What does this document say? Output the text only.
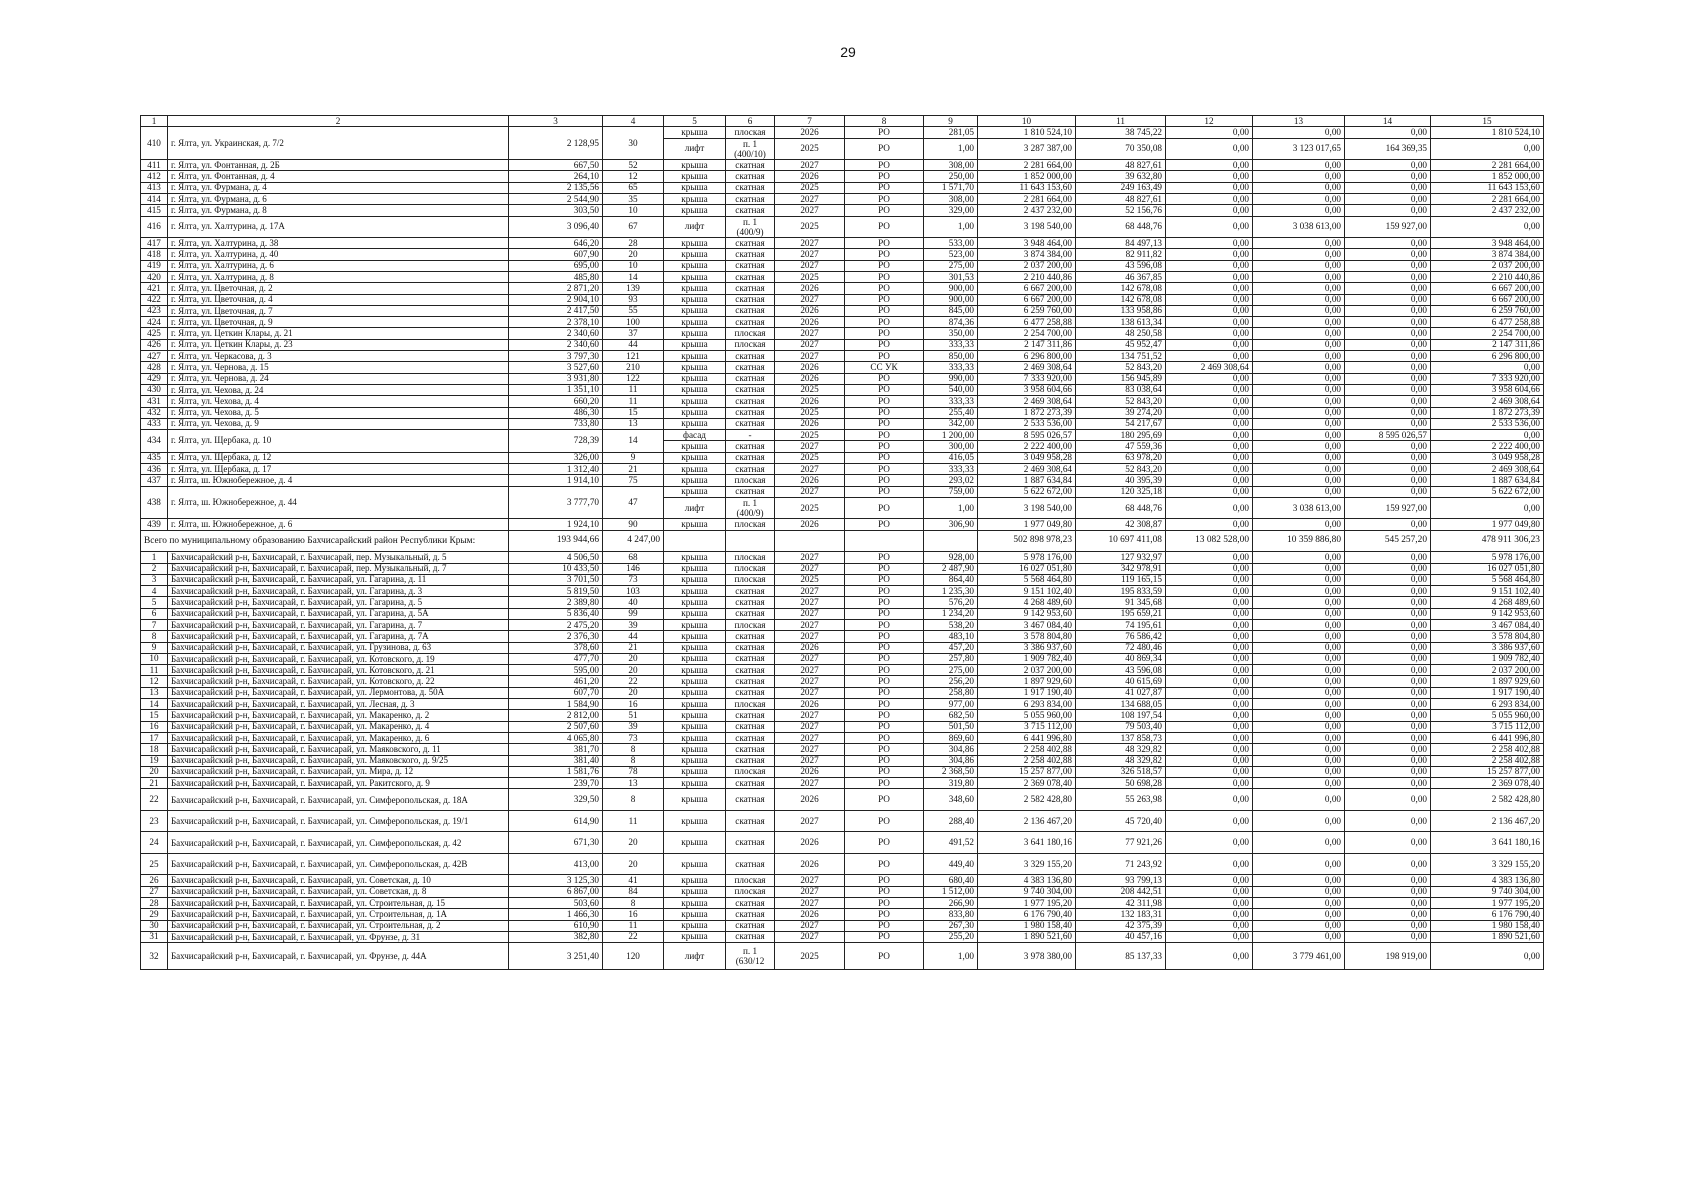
29
1	2	3	4	5	6	7	8	9	10	11	12	13	14	15
410	г. Ялта, ул. Украинская, д. 7/2	2 128,95	30	крыша	плоская	2026	РО	281,05	1 810 524,10	38 745,22	0,00	0,00	0,00	1 810 524,10
				лифт	п. 1 (400/10)	2025	РО	1,00	3 287 387,00	70 350,08	0,00	3 123 017,65	164 369,35	0,00
411	г. Ялта, ул. Фонтанная, д. 2Б	667,50	52	крыша	скатная	2027	РО	308,00	2 281 664,00	48 827,61	0,00	0,00	0,00	2 281 664,00
412	г. Ялта, ул. Фонтанная, д. 4	264,10	12	крыша	скатная	2026	РО	250,00	1 852 000,00	39 632,80	0,00	0,00	0,00	1 852 000,00
413	г. Ялта, ул. Фурмана, д. 4	2 135,56	65	крыша	скатная	2025	РО	1 571,70	11 643 153,60	249 163,49	0,00	0,00	0,00	11 643 153,60
414	г. Ялта, ул. Фурмана, д. 6	2 544,90	35	крыша	скатная	2027	РО	308,00	2 281 664,00	48 827,61	0,00	0,00	0,00	2 281 664,00
415	г. Ялта, ул. Фурмана, д. 8	303,50	10	крыша	скатная	2027	РО	329,00	2 437 232,00	52 156,76	0,00	0,00	0,00	2 437 232,00
416	г. Ялта, ул. Халтурина, д. 17А	3 096,40	67	лифт	п. 1 (400/9)	2025	РО	1,00	3 198 540,00	68 448,76	0,00	3 038 613,00	159 927,00	0,00
417	г. Ялта, ул. Халтурина, д. 38	646,20	28	крыша	скатная	2027	РО	533,00	3 948 464,00	84 497,13	0,00	0,00	0,00	3 948 464,00
418	г. Ялта, ул. Халтурина, д. 40	607,90	20	крыша	скатная	2027	РО	523,00	3 874 384,00	82 911,82	0,00	0,00	0,00	3 874 384,00
419	г. Ялта, ул. Халтурина, д. 6	695,00	10	крыша	скатная	2027	РО	275,00	2 037 200,00	43 596,08	0,00	0,00	0,00	2 037 200,00
420	г. Ялта, ул. Халтурина, д. 8	485,80	14	крыша	скатная	2025	РО	301,53	2 210 440,86	46 367,85	0,00	0,00	0,00	2 210 440,86
421	г. Ялта, ул. Цветочная, д. 2	2 871,20	139	крыша	скатная	2026	РО	900,00	6 667 200,00	142 678,08	0,00	0,00	0,00	6 667 200,00
422	г. Ялта, ул. Цветочная, д. 4	2 904,10	93	крыша	скатная	2027	РО	900,00	6 667 200,00	142 678,08	0,00	0,00	0,00	6 667 200,00
423	г. Ялта, ул. Цветочная, д. 7	2 417,50	55	крыша	скатная	2026	РО	845,00	6 259 760,00	133 958,86	0,00	0,00	0,00	6 259 760,00
424	г. Ялта, ул. Цветочная, д. 9	2 378,10	100	крыша	скатная	2026	РО	874,36	6 477 258,88	138 613,34	0,00	0,00	0,00	6 477 258,88
425	г. Ялта, ул. Цеткин Клары, д. 21	2 340,60	37	крыша	плоская	2027	РО	350,00	2 254 700,00	48 250,58	0,00	0,00	0,00	2 254 700,00
426	г. Ялта, ул. Цеткин Клары, д. 23	2 340,60	44	крыша	плоская	2027	РО	333,33	2 147 311,86	45 952,47	0,00	0,00	0,00	2 147 311,86
427	г. Ялта, ул. Черкасова, д. 3	3 797,30	121	крыша	скатная	2027	РО	850,00	6 296 800,00	134 751,52	0,00	0,00	0,00	6 296 800,00
428	г. Ялта, ул. Чернова, д. 15	3 527,60	210	крыша	скатная	2026	СС УК	333,33	2 469 308,64	52 843,20	2 469 308,64	0,00	0,00	0,00
429	г. Ялта, ул. Чернова, д. 24	3 931,80	122	крыша	скатная	2026	РО	990,00	7 333 920,00	156 945,89	0,00	0,00	0,00	7 333 920,00
430	г. Ялта, ул. Чехова, д. 24	1 351,10	11	крыша	скатная	2025	РО	540,00	3 958 604,66	83 038,64	0,00	0,00	0,00	3 958 604,66
431	г. Ялта, ул. Чехова, д. 4	660,20	11	крыша	скатная	2026	РО	333,33	2 469 308,64	52 843,20	0,00	0,00	0,00	2 469 308,64
432	г. Ялта, ул. Чехова, д. 5	486,30	15	крыша	скатная	2025	РО	255,40	1 872 273,39	39 274,20	0,00	0,00	0,00	1 872 273,39
433	г. Ялта, ул. Чехова, д. 9	733,80	13	крыша	скатная	2026	РО	342,00	2 533 536,00	54 217,67	0,00	0,00	0,00	2 533 536,00
434	г. Ялта, ул. Щербака, д. 10	728,39	14	фасад	-	2025	РО	1 200,00	8 595 026,57	180 295,69	0,00	0,00	8 595 026,57	0,00
				крыша	скатная	2027	РО	300,00	2 222 400,00	47 559,36	0,00	0,00	0,00	2 222 400,00
435	г. Ялта, ул. Щербака, д. 12	326,00	9	крыша	скатная	2025	РО	416,05	3 049 958,28	63 978,20	0,00	0,00	0,00	3 049 958,28
436	г. Ялта, ул. Щербака, д. 17	1 312,40	21	крыша	скатная	2027	РО	333,33	2 469 308,64	52 843,20	0,00	0,00	0,00	2 469 308,64
437	г. Ялта, ш. Южнобережное, д. 4	1 914,10	75	крыша	плоская	2026	РО	293,02	1 887 634,84	40 395,39	0,00	0,00	0,00	1 887 634,84
438	г. Ялта, ш. Южнобережное, д. 44	3 777,70	47	крыша	скатная	2027	РО	759,00	5 622 672,00	120 325,18	0,00	0,00	0,00	5 622 672,00
				лифт	п. 1 (400/9)	2025	РО	1,00	3 198 540,00	68 448,76	0,00	3 038 613,00	159 927,00	0,00
439	г. Ялта, ш. Южнобережное, д. 6	1 924,10	90	крыша	плоская	2026	РО	306,90	1 977 049,80	42 308,87	0,00	0,00	0,00	1 977 049,80
Всего по муниципальному образованию Бахчисарайский район Республики Крым:		193 944,66	4 247,00						502 898 978,23	10 697 411,08	13 082 528,00	10 359 886,80	545 257,20	478 911 306,23
1	Бахчисарайский р-н, Бахчисарай, г. Бахчисарай, пер. Музыкальный, д. 5	4 506,50	68	крыша	плоская	2027	РО	928,00	5 978 176,00	127 932,97	0,00	0,00	0,00	5 978 176,00
2	Бахчисарайский р-н, Бахчисарай, г. Бахчисарай, пер. Музыкальный, д. 7	10 433,50	146	крыша	плоская	2027	РО	2 487,90	16 027 051,80	342 978,91	0,00	0,00	0,00	16 027 051,80
3	Бахчисарайский р-н, Бахчисарай, г. Бахчисарай, ул. Гагарина, д. 11	3 701,50	73	крыша	плоская	2025	РО	864,40	5 568 464,80	119 165,15	0,00	0,00	0,00	5 568 464,80
4	Бахчисарайский р-н, Бахчисарай, г. Бахчисарай, ул. Гагарина, д. 3	5 819,50	103	крыша	скатная	2027	РО	1 235,30	9 151 102,40	195 833,59	0,00	0,00	0,00	9 151 102,40
5	Бахчисарайский р-н, Бахчисарай, г. Бахчисарай, ул. Гагарина, д. 5	2 389,80	40	крыша	скатная	2027	РО	576,20	4 268 489,60	91 345,68	0,00	0,00	0,00	4 268 489,60
6	Бахчисарайский р-н, Бахчисарай, г. Бахчисарай, ул. Гагарина, д. 5А	5 836,40	99	крыша	скатная	2027	РО	1 234,20	9 142 953,60	195 659,21	0,00	0,00	0,00	9 142 953,60
7	Бахчисарайский р-н, Бахчисарай, г. Бахчисарай, ул. Гагарина, д. 7	2 475,20	39	крыша	плоская	2027	РО	538,20	3 467 084,40	74 195,61	0,00	0,00	0,00	3 467 084,40
8	Бахчисарайский р-н, Бахчисарай, г. Бахчисарай, ул. Гагарина, д. 7А	2 376,30	44	крыша	скатная	2027	РО	483,10	3 578 804,80	76 586,42	0,00	0,00	0,00	3 578 804,80
9	Бахчисарайский р-н, Бахчисарай, г. Бахчисарай, ул. Грузинова, д. 63	378,60	21	крыша	скатная	2026	РО	457,20	3 386 937,60	72 480,46	0,00	0,00	0,00	3 386 937,60
10	Бахчисарайский р-н, Бахчисарай, г. Бахчисарай, ул. Котовского, д. 19	477,70	20	крыша	скатная	2027	РО	257,80	1 909 782,40	40 869,34	0,00	0,00	0,00	1 909 782,40
11	Бахчисарайский р-н, Бахчисарай, г. Бахчисарай, ул. Котовского, д. 21	595,00	20	крыша	скатная	2027	РО	275,00	2 037 200,00	43 596,08	0,00	0,00	0,00	2 037 200,00
12	Бахчисарайский р-н, Бахчисарай, г. Бахчисарай, ул. Котовского, д. 22	461,20	22	крыша	скатная	2027	РО	256,20	1 897 929,60	40 615,69	0,00	0,00	0,00	1 897 929,60
13	Бахчисарайский р-н, Бахчисарай, г. Бахчисарай, ул. Лермонтова, д. 50А	607,70	20	крыша	скатная	2027	РО	258,80	1 917 190,40	41 027,87	0,00	0,00	0,00	1 917 190,40
14	Бахчисарайский р-н, Бахчисарай, г. Бахчисарай, ул. Лесная, д. 3	1 584,90	16	крыша	плоская	2026	РО	977,00	6 293 834,00	134 688,05	0,00	0,00	0,00	6 293 834,00
15	Бахчисарайский р-н, Бахчисарай, г. Бахчисарай, ул. Макаренко, д. 2	2 812,00	51	крыша	скатная	2027	РО	682,50	5 055 960,00	108 197,54	0,00	0,00	0,00	5 055 960,00
16	Бахчисарайский р-н, Бахчисарай, г. Бахчисарай, ул. Макаренко, д. 4	2 507,60	39	крыша	скатная	2027	РО	501,50	3 715 112,00	79 503,40	0,00	0,00	0,00	3 715 112,00
17	Бахчисарайский р-н, Бахчисарай, г. Бахчисарай, ул. Макаренко, д. 6	4 065,80	73	крыша	скатная	2027	РО	869,60	6 441 996,80	137 858,73	0,00	0,00	0,00	6 441 996,80
18	Бахчисарайский р-н, Бахчисарай, г. Бахчисарай, ул. Маяковского, д. 11	381,70	8	крыша	скатная	2027	РО	304,86	2 258 402,88	48 329,82	0,00	0,00	0,00	2 258 402,88
19	Бахчисарайский р-н, Бахчисарай, г. Бахчисарай, ул. Маяковского, д. 9/25	381,40	8	крыша	скатная	2027	РО	304,86	2 258 402,88	48 329,82	0,00	0,00	0,00	2 258 402,88
20	Бахчисарайский р-н, Бахчисарай, г. Бахчисарай, ул. Мира, д. 12	1 581,76	78	крыша	плоская	2026	РО	2 368,50	15 257 877,00	326 518,57	0,00	0,00	0,00	15 257 877,00
21	Бахчисарайский р-н, Бахчисарай, г. Бахчисарай, ул. Ракитского, д. 9	239,70	13	крыша	скатная	2027	РО	319,80	2 369 078,40	50 698,28	0,00	0,00	0,00	2 369 078,40
22	Бахчисарайский р-н, Бахчисарай, г. Бахчисарай, ул. Симферопольская, д. 18А	329,50	8	крыша	скатная	2026	РО	348,60	2 582 428,80	55 263,98	0,00	0,00	0,00	2 582 428,80
23	Бахчисарайский р-н, Бахчисарай, г. Бахчисарай, ул. Симферопольская, д. 19/1	614,90	11	крыша	скатная	2027	РО	288,40	2 136 467,20	45 720,40	0,00	0,00	0,00	2 136 467,20
24	Бахчисарайский р-н, Бахчисарай, г. Бахчисарай, ул. Симферопольская, д. 42	671,30	20	крыша	скатная	2026	РО	491,52	3 641 180,16	77 921,26	0,00	0,00	0,00	3 641 180,16
25	Бахчисарайский р-н, Бахчисарай, г. Бахчисарай, ул. Симферопольская, д. 42В	413,00	20	крыша	скатная	2026	РО	449,40	3 329 155,20	71 243,92	0,00	0,00	0,00	3 329 155,20
26	Бахчисарайский р-н, Бахчисарай, г. Бахчисарай, ул. Советская, д. 10	3 125,30	41	крыша	плоская	2027	РО	680,40	4 383 136,80	93 799,13	0,00	0,00	0,00	4 383 136,80
27	Бахчисарайский р-н, Бахчисарай, г. Бахчисарай, ул. Советская, д. 8	6 867,00	84	крыша	плоская	2027	РО	1 512,00	9 740 304,00	208 442,51	0,00	0,00	0,00	9 740 304,00
28	Бахчисарайский р-н, Бахчисарай, г. Бахчисарай, ул. Строительная, д. 15	503,60	8	крыша	скатная	2027	РО	266,90	1 977 195,20	42 311,98	0,00	0,00	0,00	1 977 195,20
29	Бахчисарайский р-н, Бахчисарай, г. Бахчисарай, ул. Строительная, д. 1А	1 466,30	16	крыша	скатная	2026	РО	833,80	6 176 790,40	132 183,31	0,00	0,00	0,00	6 176 790,40
30	Бахчисарайский р-н, Бахчисарай, г. Бахчисарай, ул. Строительная, д. 2	610,90	11	крыша	скатная	2027	РО	267,30	1 980 158,40	42 375,39	0,00	0,00	0,00	1 980 158,40
31	Бахчисарайский р-н, Бахчисарай, г. Бахчисарай, ул. Фрунзе, д. 31	382,80	22	крыша	скатная	2027	РО	255,20	1 890 521,60	40 457,16	0,00	0,00	0,00	1 890 521,60
32	Бахчисарайский р-н, Бахчисарай, г. Бахчисарай, ул. Фрунзе, д. 44А	3 251,40	120	лифт	п. 1 (630/12	2025	РО	1,00	3 978 380,00	85 137,33	0,00	3 779 461,00	198 919,00	0,00
